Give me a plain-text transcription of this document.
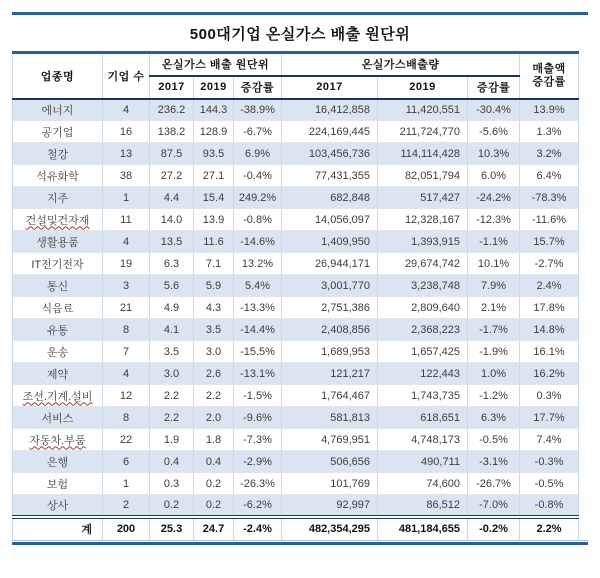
500대기업 온실가스 배출 원단위
업종명	기업 수	온실가스 배출 원단위			온실가스배출량			매출액
증감률
		2017	2019	증감률	2017	2019	증감률	
에너지	4	236.2	144.3	-38.9%	16,412,858	11,420,551	-30.4%	13.9%
공기업	16	138.2	128.9	-6.7%	224,169,445	211,724,770	-5.6%	1.3%
철강	13	87.5	93.5	6.9%	103,456,736	114,114,428	10.3%	3.2%
석유화학	38	27.2	27.1	-0.4%	77,431,355	82,051,794	6.0%	6.4%
지주	1	4.4	15.4	249.2%	682,848	517,427	-24.2%	-78.3%
건설및건자재	11	14.0	13.9	-0.8%	14,056,097	12,328,167	-12.3%	-11.6%
생활용품	4	13.5	11.6	-14.6%	1,409,950	1,393,915	-1.1%	15.7%
IT전기전자	19	6.3	7.1	13.2%	26,944,171	29,674,742	10.1%	-2.7%
통신	3	5.6	5.9	5.4%	3,001,770	3,238,748	7.9%	2.4%
식음료	21	4.9	4.3	-13.3%	2,751,386	2,809,640	2.1%	17.8%
유통	8	4.1	3.5	-14.4%	2,408,856	2,368,223	-1.7%	14.8%
운송	7	3.5	3.0	-15.5%	1,689,953	1,657,425	-1.9%	16.1%
제약	4	3.0	2.6	-13.1%	121,217	122,443	1.0%	16.2%
조선.기계.설비	12	2.2	2.2	-1.5%	1,764,467	1,743,735	-1.2%	0.3%
서비스	8	2.2	2.0	-9.6%	581,813	618,651	6.3%	17.7%
자동차.부품	22	1.9	1.8	-7.3%	4,769,951	4,748,173	-0.5%	7.4%
은행	6	0.4	0.4	-2.9%	506,656	490,711	-3.1%	-0.3%
보험	1	0.3	0.2	-26.3%	101,769	74,600	-26.7%	-0.5%
상사	2	0.2	0.2	-6.2%	92,997	86,512	-7.0%	-0.8%
계	200	25.3	24.7	-2.4%	482,354,295	481,184,655	-0.2%	2.2%
